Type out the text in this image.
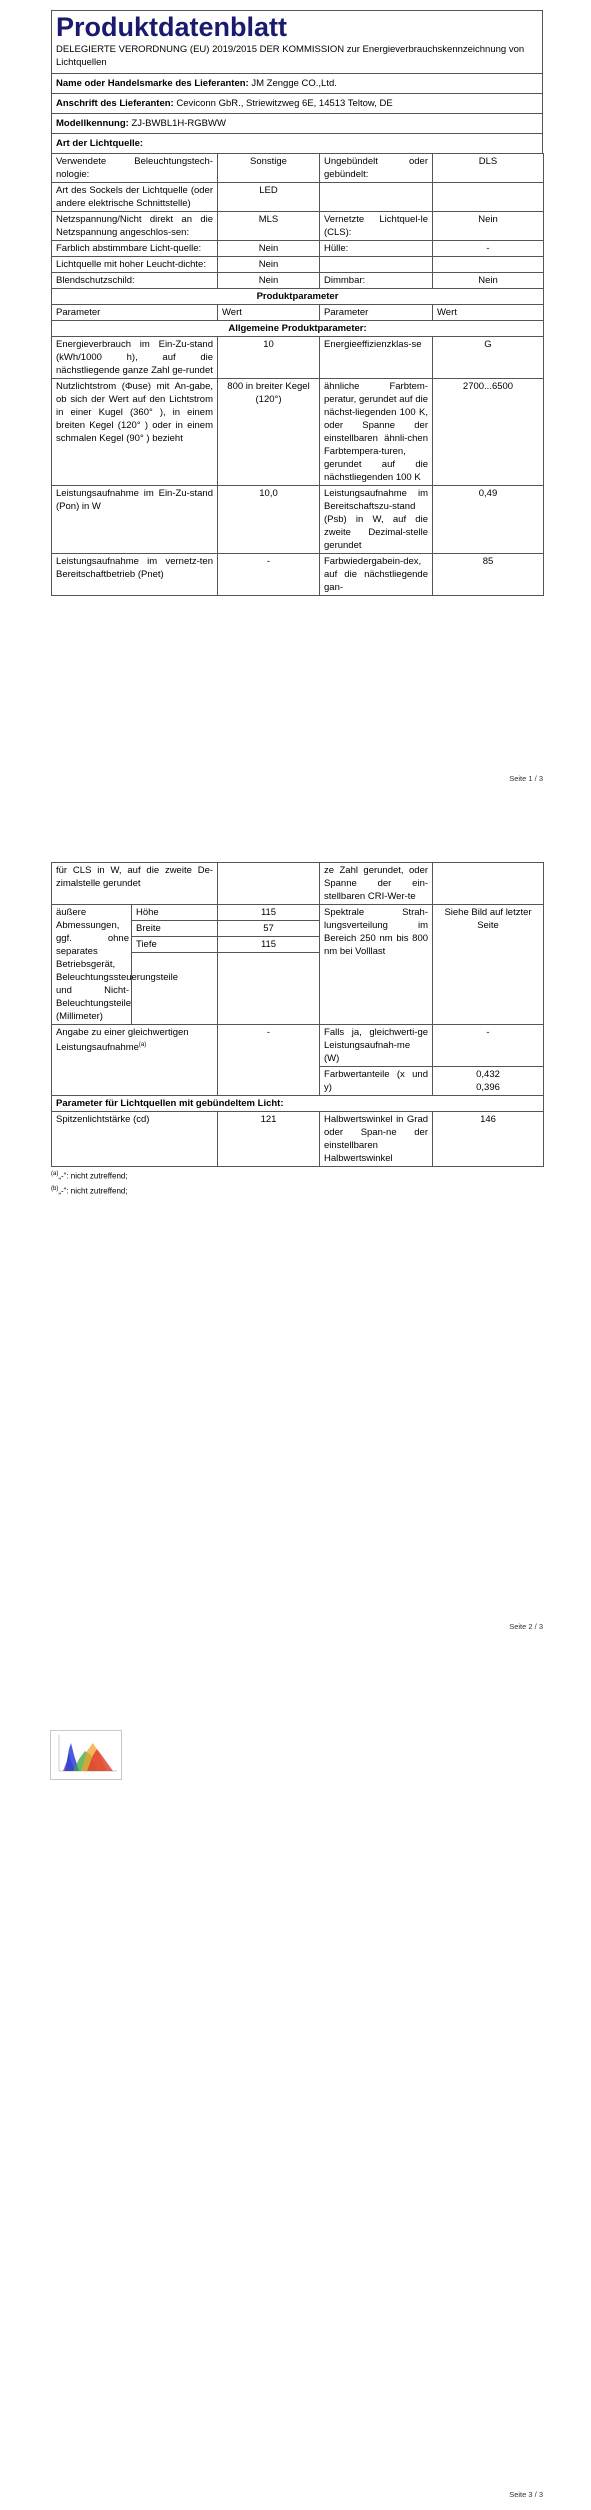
Produktdatenblatt
DELEGIERTE VERORDNUNG (EU) 2019/2015 DER KOMMISSION zur Energieverbrauchskennzeichnung von Lichtquellen
Name oder Handelsmarke des Lieferanten: JM Zengge CO.,Ltd.
Anschrift des Lieferanten: Ceviconn GbR., Striewitzweg 6E, 14513 Teltow, DE
Modellkennung: ZJ-BWBL1H-RGBWW
Art der Lichtquelle:
Verwendete Beleuchtungstech-nologie:	Sonstige	Ungebündelt oder gebündelt:	DLS
Art des Sockels der Lichtquelle (oder andere elektrische Schnittstelle)	LED		
Netzspannung/Nicht direkt an die Netzspannung angeschlos-sen:	MLS	Vernetzte Lichtquel-le (CLS):	Nein
Farblich abstimmbare Licht-quelle:	Nein	Hülle:	-
Lichtquelle mit hoher Leucht-dichte:	Nein		
Blendschutzschild:	Nein	Dimmbar:	Nein
Produktparameter			
Parameter	Wert	Parameter	Wert
Allgemeine Produktparameter:			
Energieverbrauch im Ein-Zu-stand (kWh/1000 h), auf die nächstliegende ganze Zahl ge-rundet	10	Energieeffizienzklas-se	G
Nutzlichtstrom (Φuse) mit An-gabe, ob sich der Wert auf den Lichtstrom in einer Kugel (360° ), in einem breiten Kegel (120° ) oder in einem schmalen Kegel (90° ) bezieht	800 in breiter Kegel (120°)	ähnliche Farbtem-peratur, gerundet auf die nächst-liegenden 100 K, oder Spanne der einstellbaren ähnli-chen Farbtempera-turen, gerundet auf die nächstliegenden 100 K	2700...6500
Leistungsaufnahme im Ein-Zu-stand (Pon) in W	10,0	Leistungsaufnahme im Bereitschaftszu-stand (Psb) in W, auf die zweite Dezimal-stelle gerundet	0,49
Leistungsaufnahme im vernetz-ten Bereitschaftbetrieb (Pnet)	-	Farbwiedergabein-dex, auf die nächstliegende gan-	85
Seite 1 / 3
für CLS in W, auf die zweite De-zimalstelle gerundet			ze Zahl gerundet, oder Spanne der ein-stellbaren CRI-Wer-te	
äußere Abmessungen, ggf. ohne separates Betriebsgerät, Beleuchtungssteuerungsteile und Nicht-Beleuchtungsteile (Millimeter)	Höhe	115	Spektrale Strah-lungsverteilung im Bereich 250 nm bis 800 nm bei Volllast	Siehe Bild auf letzter Seite
	Breite	57		
	Tiefe	115		

Angabe zu einer gleichwertigen Leistungsaufnahme$^{(a)}$		-	Falls ja, gleichwerti-ge Leistungsaufnah-me (W)	-
			Farbwertanteile (x und y)	0,432
0,396

Parameter für Lichtquellen mit gebündeltem Licht:				
Spitzenlichtstärke (cd)		121	Halbwertswinkel in Grad oder Span-ne der einstellbaren Halbwertswinkel	146
$^{(a)}$„-“: nicht zutreffend;
$^{(b)}$„-“: nicht zutreffend;
Seite 2 / 3
Seite 3 / 3
